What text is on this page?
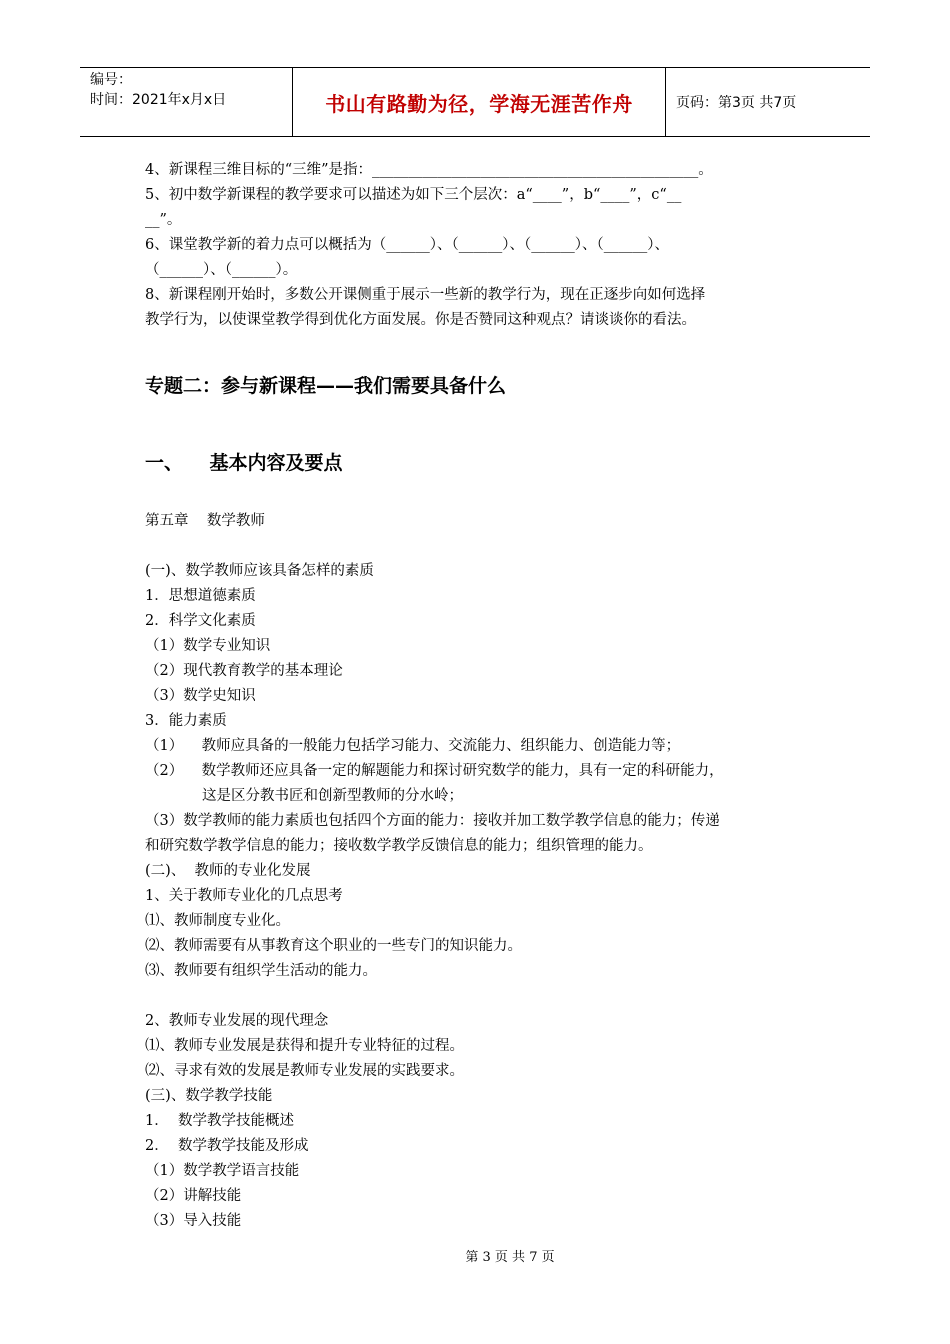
编号：
时间：2021年x月x日	书山有路勤为径，学海无涯苦作舟	页码：第3页 共7页

4、新课程三维目标的“三维”是指：_____________________________________________。

5、初中数学新课程的教学要求可以描述为如下三个层次：a“____”，b“____”，c“__

__”。

6、课堂教学新的着力点可以概括为（______）、（______）、（______）、（______）、

（______）、（______）。

8、新课程刚开始时，多数公开课侧重于展示一些新的教学行为，现在正逐步向如何选择

教学行为，以使课堂教学得到优化方面发展。你是否赞同这种观点？请谈谈你的看法。

专题二：参与新课程——我们需要具备什么

一、    基本内容及要点

第五章    数学教师

(一)、数学教师应该具备怎样的素质

1．思想道德素质

2．科学文化素质

（1）数学专业知识

（2）现代教育教学的基本理论

（3）数学史知识

3．能力素质

（1）    教师应具备的一般能力包括学习能力、交流能力、组织能力、创造能力等；

（2）    数学教师还应具备一定的解题能力和探讨研究数学的能力，具有一定的科研能力，

这是区分教书匠和创新型教师的分水岭；

（3）数学教师的能力素质也包括四个方面的能力：接收并加工数学教学信息的能力；传递

和研究数学教学信息的能力；接收数学教学反馈信息的能力；组织管理的能力。

(二)、  教师的专业化发展

1、关于教师专业化的几点思考

⑴、教师制度专业化。

⑵、教师需要有从事教育这个职业的一些专门的知识能力。

⑶、教师要有组织学生活动的能力。

2、教师专业发展的现代理念

⑴、教师专业发展是获得和提升专业特征的过程。

⑵、寻求有效的发展是教师专业发展的实践要求。

(三)、数学教学技能

1．  数学教学技能概述

2．  数学教学技能及形成

（1）数学教学语言技能

（2）讲解技能

（3）导入技能

第 3 页 共 7 页
